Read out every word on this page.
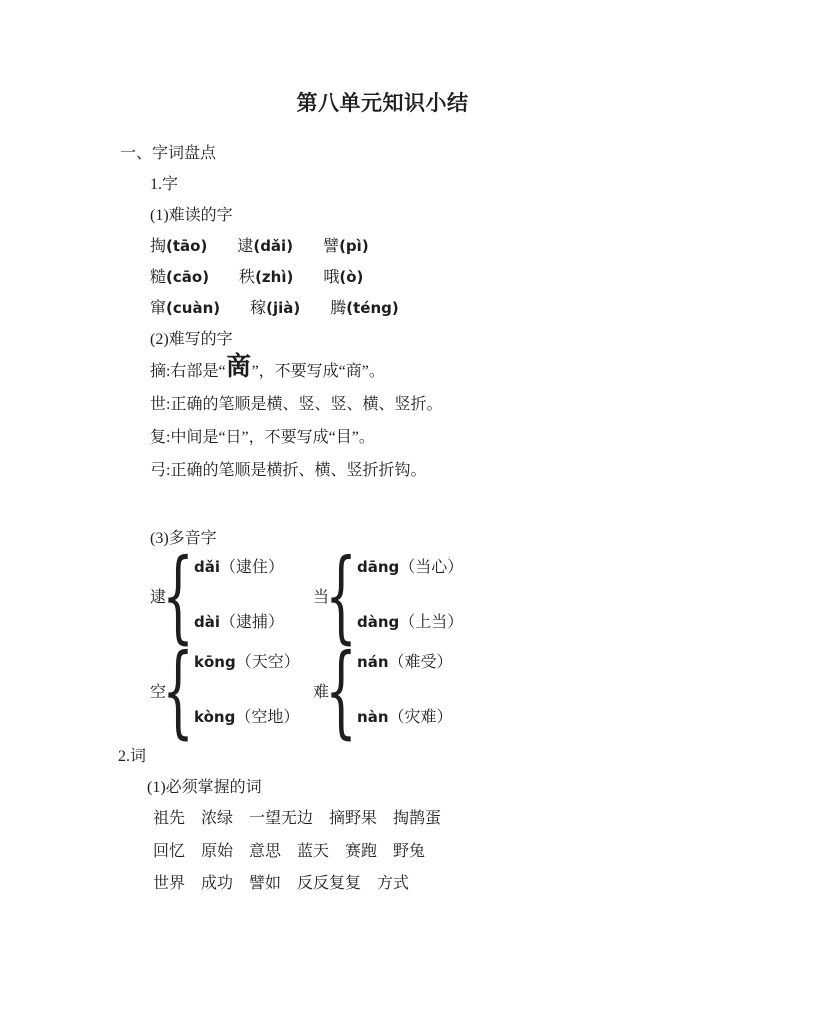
第八单元知识小结
一、字词盘点
1.字
(1)难读的字
掏(tāo) 逮(dǎi) 譬(pì)
糙(cāo) 秩(zhì) 哦(ò)
窜(cuàn) 稼(jià) 腾(téng)
(2)难写的字
摘:右部是“啇”，不要写成“商”。
世:正确的笔顺是横、竖、竖、横、竖折。
复:中间是“日”，不要写成“目”。
弓:正确的笔顺是横折、横、竖折折钩。
(3)多音字
逮
{
dǎi（逮住）
dài（逮捕）
当
{
dāng（当心）
dàng（上当）
空
{
kōng（天空）
kòng（空地）
难
{
nán（难受）
nàn（灾难）
2.词
(1)必须掌握的词
祖先　浓绿　一望无边　摘野果　掏鹊蛋
回忆　原始　意思　蓝天　赛跑　野兔
世界　成功　譬如　反反复复　方式
